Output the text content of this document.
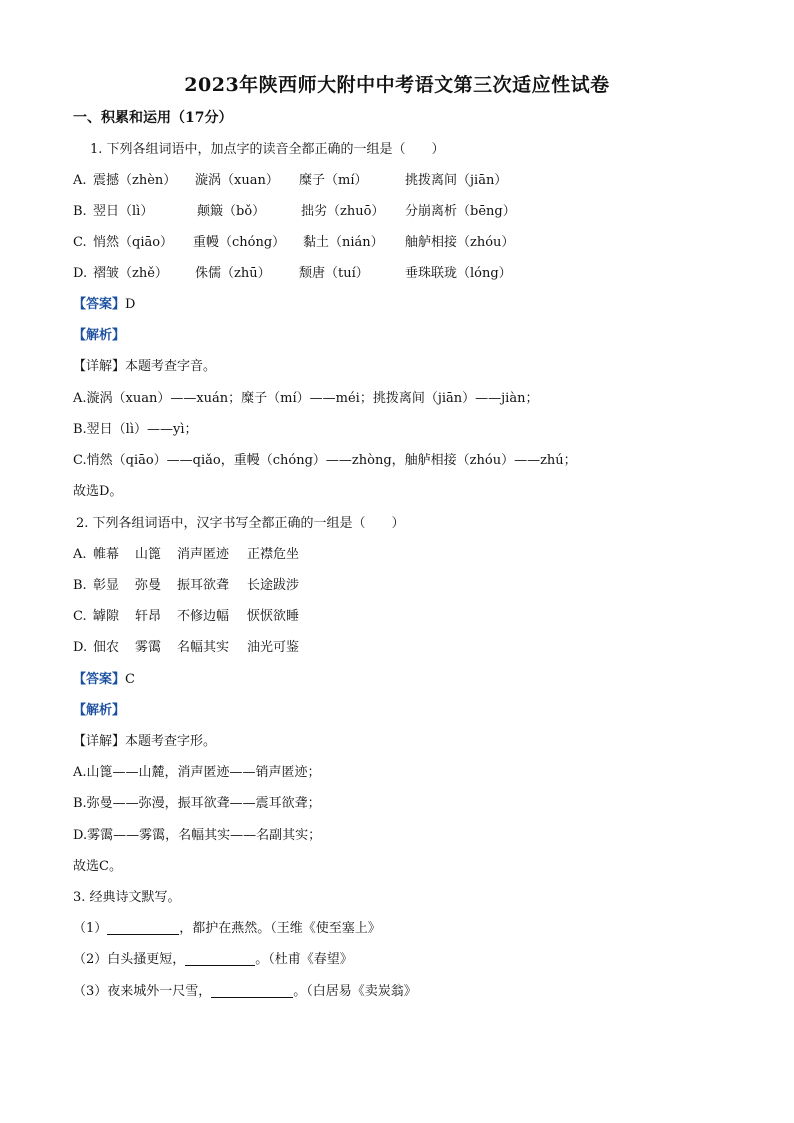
2023年陕西师大附中中考语文第三次适应性试卷
一、积累和运用（17分）
1. 下列各组词语中，加点字的读音全都正确的一组是（　　）
A. 震撼（zhèn） 漩涡（xuan） 糜子（mí）	挑拨离间（jiān）
B. 翌日（lì）	颠簸（bǒ）	拙劣（zhuō） 分崩离析（bēng）
C. 悄然（qiāo） 重幔（chóng） 黏土（nián） 舳舻相接（zhóu）
D. 褶皱（zhě） 侏儒（zhū） 颓唐（tuí）	垂珠联珑（lóng）
【答案】D
【解析】
【详解】本题考查字音。
A.漩涡（xuan）——xuán；糜子（mí）——méi；挑拨离间（jiān）——jiàn；
B.翌日（lì）——yì；
C.悄然（qiāo）——qiǎo，重幔（chóng）——zhòng，舳舻相接（zhóu）——zhú；
故选D。
2. 下列各组词语中，汉字书写全都正确的一组是（　　）
A. 帷幕 山篦 消声匿迹 正襟危坐
B. 彰显 弥曼 振耳欲聋 长途跋涉
C. 罅隙 轩昂 不修边幅 恹恹欲睡
D. 佃农 雾霭 名幅其实 油光可鉴
【答案】C
【解析】
【详解】本题考查字形。
A.山篦——山麓，消声匿迹——销声匿迹；
B.弥曼——弥漫，振耳欲聋——震耳欲聋；
D.雾霭——雾霭，名幅其实——名副其实；
故选C。
3. 经典诗文默写。
（1）	，都护在燕然。（王维《使至塞上》
（2）白头搔更短，	。（杜甫《春望》
（3）夜来城外一尺雪，	。（白居易《卖炭翁》
